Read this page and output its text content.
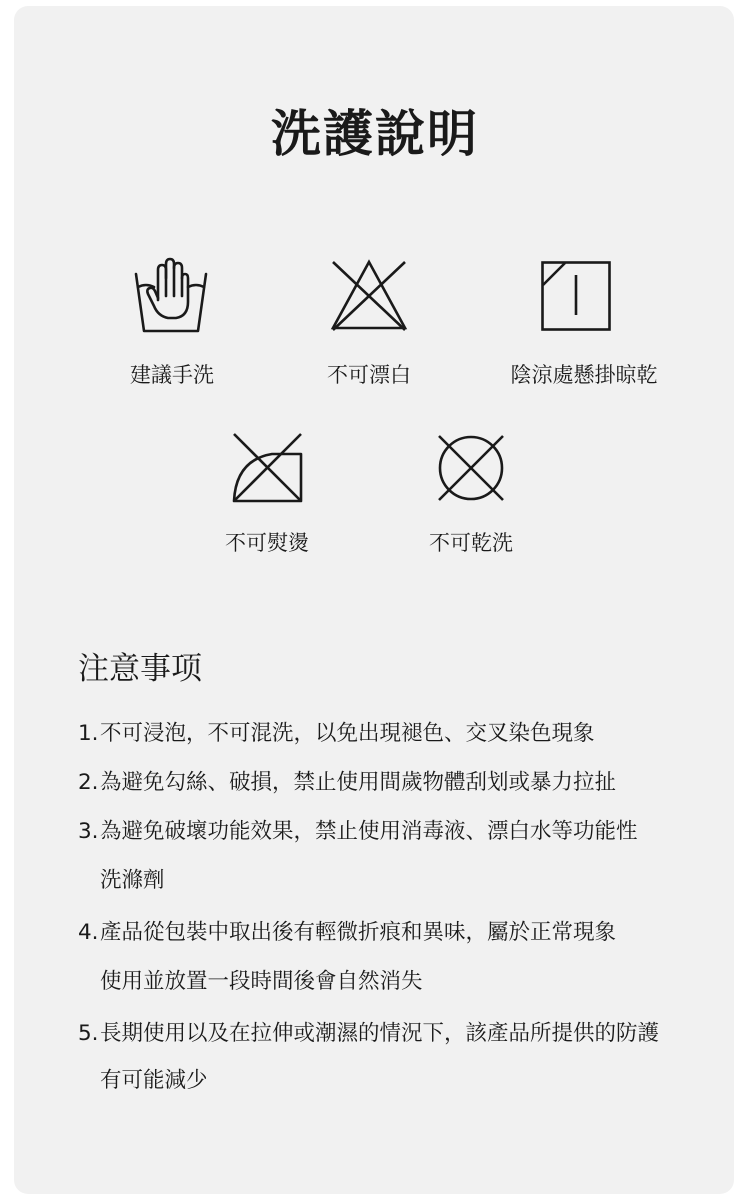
洗護說明
建議手洗	不可漂白	陰涼處懸掛晾乾
不可熨燙	不可乾洗
注意事项
1.不可浸泡，不可混洗，以免出現褪色、交叉染色現象
2.為避免勾絲、破損，禁止使用間歲物體刮划或暴力拉扯
3.為避免破壞功能效果，禁止使用消毒液、漂白水等功能性
洗滌劑
4.產品從包裝中取出後有輕微折痕和異味，屬於正常現象
使用並放置一段時間後會自然消失
5.長期使用以及在拉伸或潮濕的情況下，該產品所提供的防護
有可能減少
